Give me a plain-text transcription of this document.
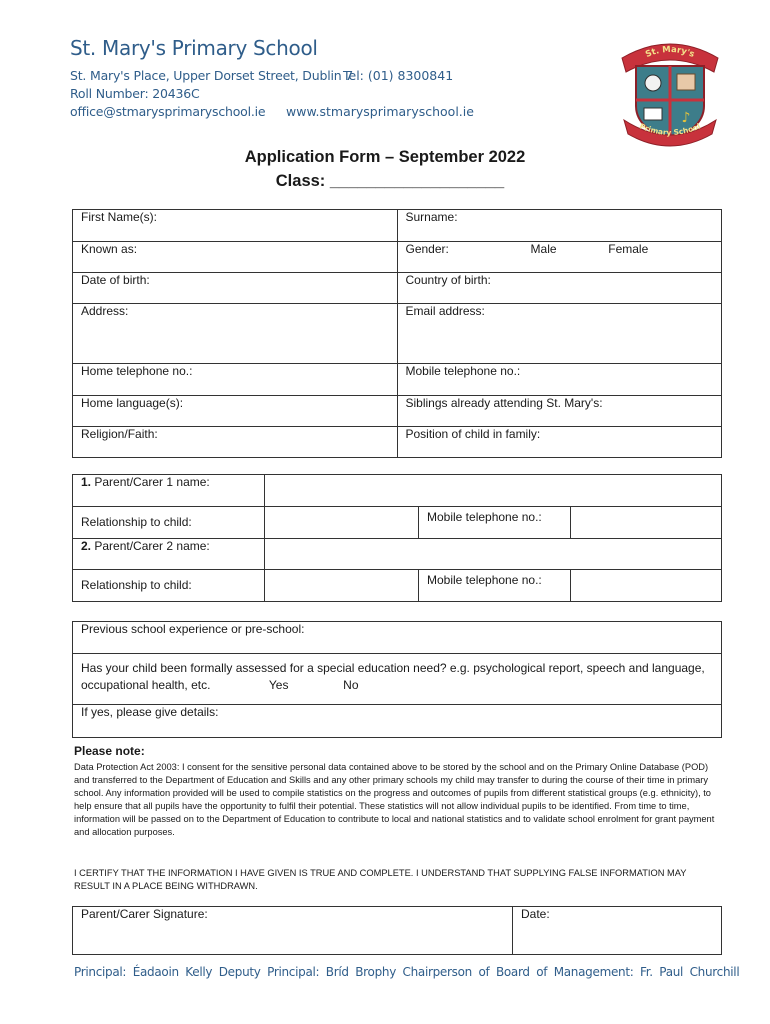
St. Mary's Primary School
St. Mary's Place, Upper Dorset Street, Dublin 7
Tel: (01) 8300841
Roll Number: 20436C
office@stmarysprimaryschool.ie www.stmarysprimaryschool.ie	♪
St. Mary's
Primary School
Application Form – September 2022
Class: ___________________
First Name(s):	Surname:
Known as:	Gender: Male Female
Date of birth:	Country of birth:
Address:	Email address:
Home telephone no.:	Mobile telephone no.:
Home language(s):	Siblings already attending St. Mary's:
Religion/Faith:	Position of child in family:
1. Parent/Carer 1 name:			
Relationship to child:		Mobile telephone no.:	
2. Parent/Carer 2 name:			
Relationship to child:		Mobile telephone no.:	
Previous school experience or pre-school:
Has your child been formally assessed for a special education need? e.g. psychological report, speech and language, occupational health, etc.	Yes	No
If yes, please give details:
Please note:
Data Protection Act 2003: I consent for the sensitive personal data contained above to be stored by the school and on the Primary Online Database (POD) and transferred to the Department of Education and Skills and any other primary schools my child may transfer to during the course of their time in primary school. Any information provided will be used to compile statistics on the progress and outcomes of pupils from different statistical groups (e.g. ethnicity), to help ensure that all pupils have the opportunity to fulfil their potential. These statistics will not allow individual pupils to be identified. From time to time, information will be passed on to the Department of Education to contribute to local and national statistics and to validate school enrolment for grant payment and allocation purposes.
I CERTIFY THAT THE INFORMATION I HAVE GIVEN IS TRUE AND COMPLETE. I UNDERSTAND THAT SUPPLYING FALSE INFORMATION MAY RESULT IN A PLACE BEING WITHDRAWN.
Parent/Carer Signature:	Date:
Principal: Éadaoin Kelly Deputy Principal: Bríd Brophy Chairperson of Board of Management: Fr. Paul Churchill
